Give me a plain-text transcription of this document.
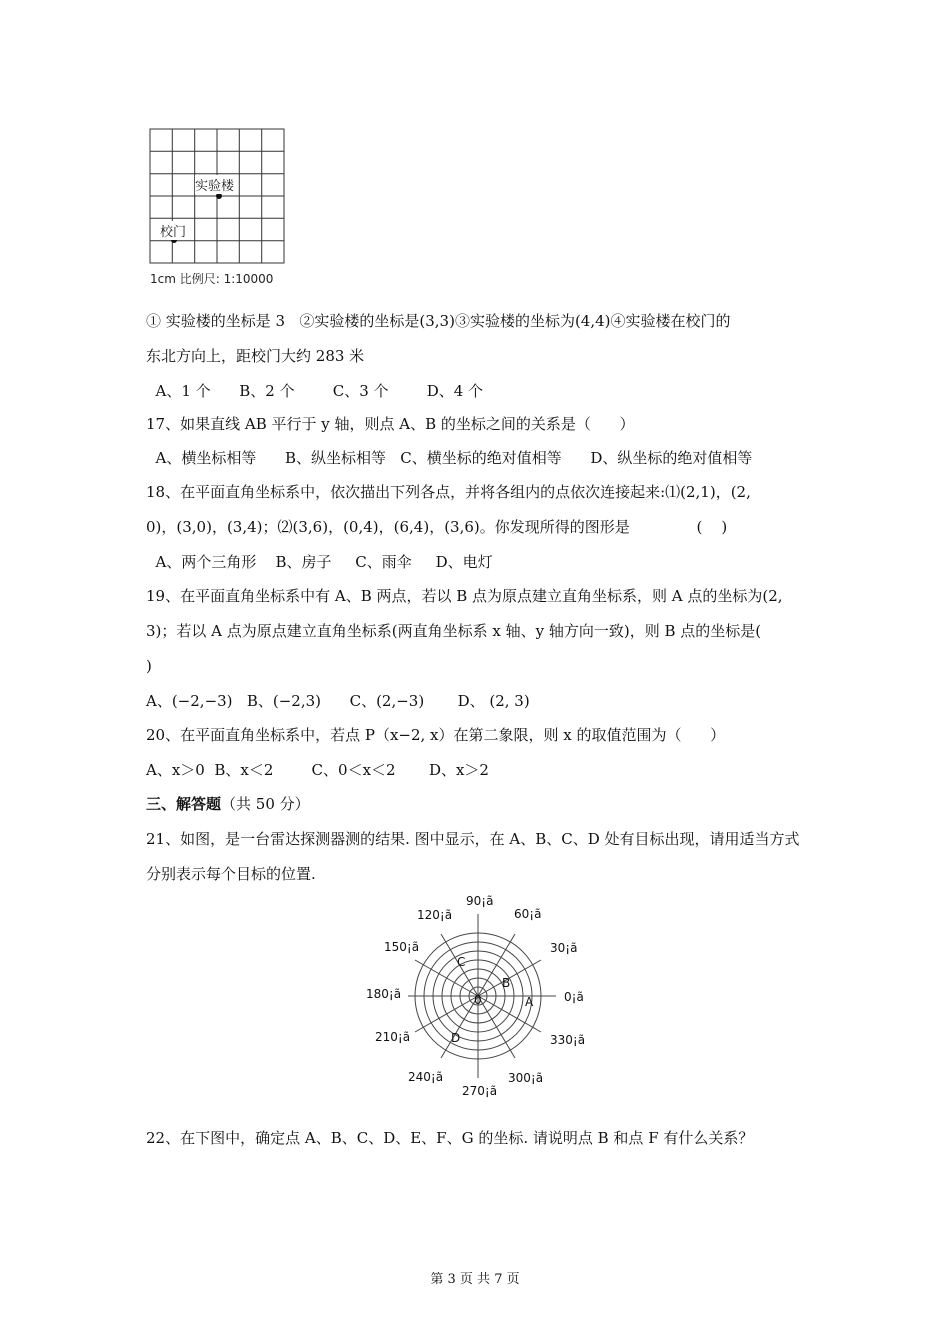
实验楼
校门
1cm 比例尺: 1:10000
① 实验楼的坐标是 3   ②实验楼的坐标是(3,3)③实验楼的坐标为(4,4)④实验楼在校门的
东北方向上，距校门大约 283 米
A、1 个      B、2 个        C、3 个        D、4 个
17、如果直线 AB 平行于 y 轴，则点 A、B 的坐标之间的关系是（      ）
A、横坐标相等      B、纵坐标相等   C、横坐标的绝对值相等      D、纵坐标的绝对值相等
18、在平面直角坐标系中，依次描出下列各点，并将各组内的点依次连接起来:⑴(2,1)，(2,
0)，(3,0)，(3,4)；⑵(3,6)，(0,4)，(6,4)，(3,6)。你发现所得的图形是              (    )
A、两个三角形    B、房子     C、雨伞     D、电灯
19、在平面直角坐标系中有 A、B 两点，若以 B 点为原点建立直角坐标系，则 A 点的坐标为(2,
3)；若以 A 点为原点建立直角坐标系(两直角坐标系 x 轴、y 轴方向一致)，则 B 点的坐标是(
)
A、(−2,−3)   B、(−2,3)      C、(2,−3)       D、 (2, 3)
20、在平面直角坐标系中，若点 P（x−2, x）在第二象限，则 x 的取值范围为（      ）
A、x＞0  B、x＜2        C、0＜x＜2       D、x＞2
三、解答题（共 50 分）
21、如图，是一台雷达探测器测的结果. 图中显示，在 A、B、C、D 处有目标出现，请用适当方式
分别表示每个目标的位置.
0¡ã
30¡ã
60¡ã
90¡ã
120¡ã
150¡ã
180¡ã
210¡ã
240¡ã
270¡ã
300¡ã
330¡ã
0	A
B
C
D
22、在下图中，确定点 A、B、C、D、E、F、G 的坐标. 请说明点 B 和点 F 有什么关系？
第 3 页 共 7 页
